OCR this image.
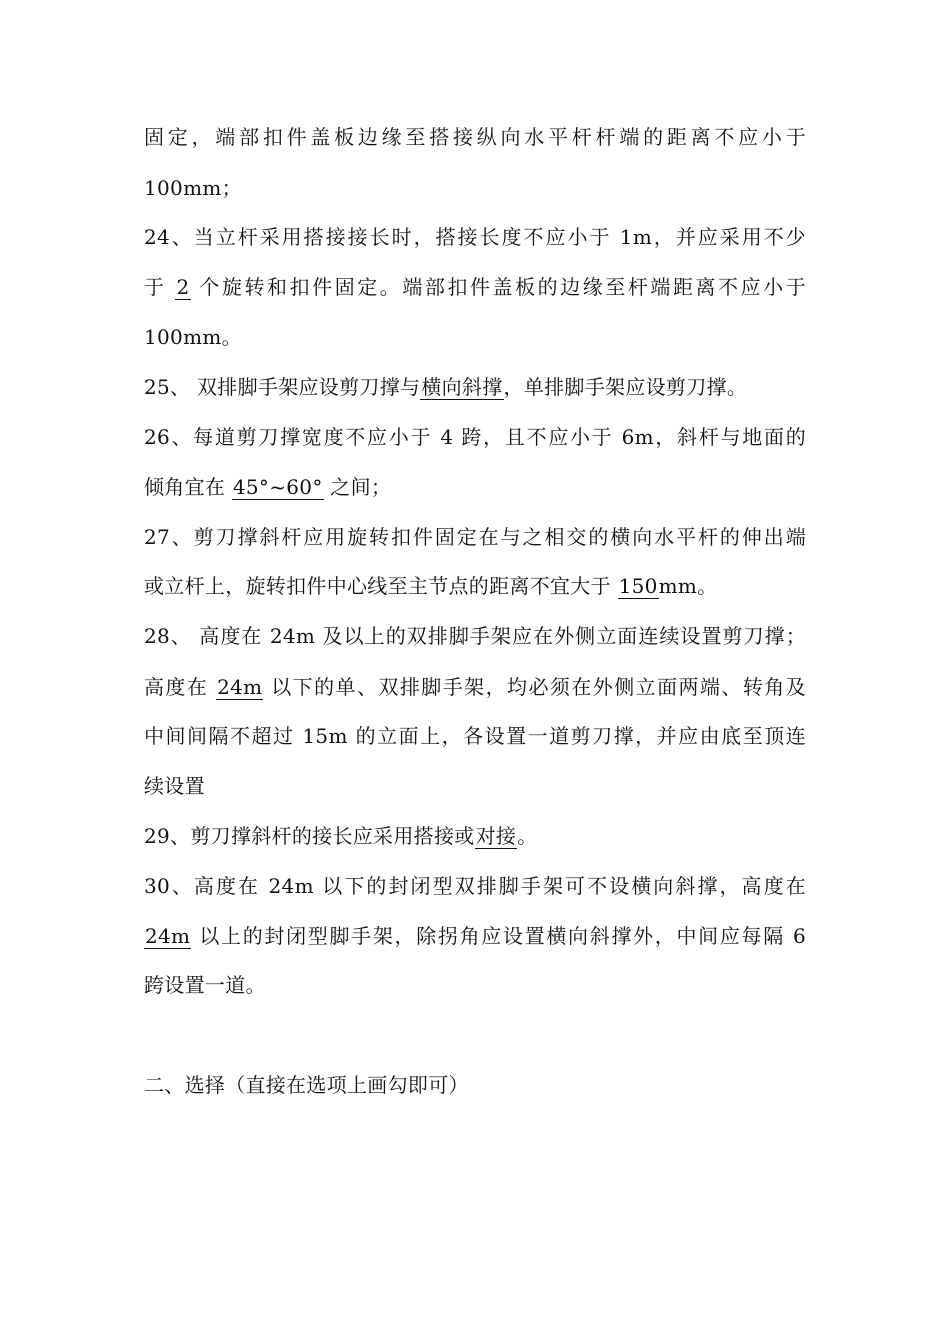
固定，端部扣件盖板边缘至搭接纵向水平杆杆端的距离不应小于
100mm；
24、当立杆采用搭接接长时，搭接长度不应小于 1m，并应采用不少
于 2 个旋转和扣件固定。端部扣件盖板的边缘至杆端距离不应小于
100mm。
25、 双排脚手架应设剪刀撑与横向斜撑，单排脚手架应设剪刀撑。
26、每道剪刀撑宽度不应小于 4 跨，且不应小于 6m，斜杆与地面的
倾角宜在 45°~60° 之间；
27、剪刀撑斜杆应用旋转扣件固定在与之相交的横向水平杆的伸出端
或立杆上，旋转扣件中心线至主节点的距离不宜大于 150mm。
28、 高度在 24m 及以上的双排脚手架应在外侧立面连续设置剪刀撑；
高度在 24m 以下的单、双排脚手架，均必须在外侧立面两端、转角及
中间间隔不超过 15m 的立面上，各设置一道剪刀撑，并应由底至顶连
续设置
29、剪刀撑斜杆的接长应采用搭接或对接。
30、高度在 24m 以下的封闭型双排脚手架可不设横向斜撑，高度在
24m 以上的封闭型脚手架，除拐角应设置横向斜撑外，中间应每隔 6
跨设置一道。
二、选择（直接在选项上画勾即可）
